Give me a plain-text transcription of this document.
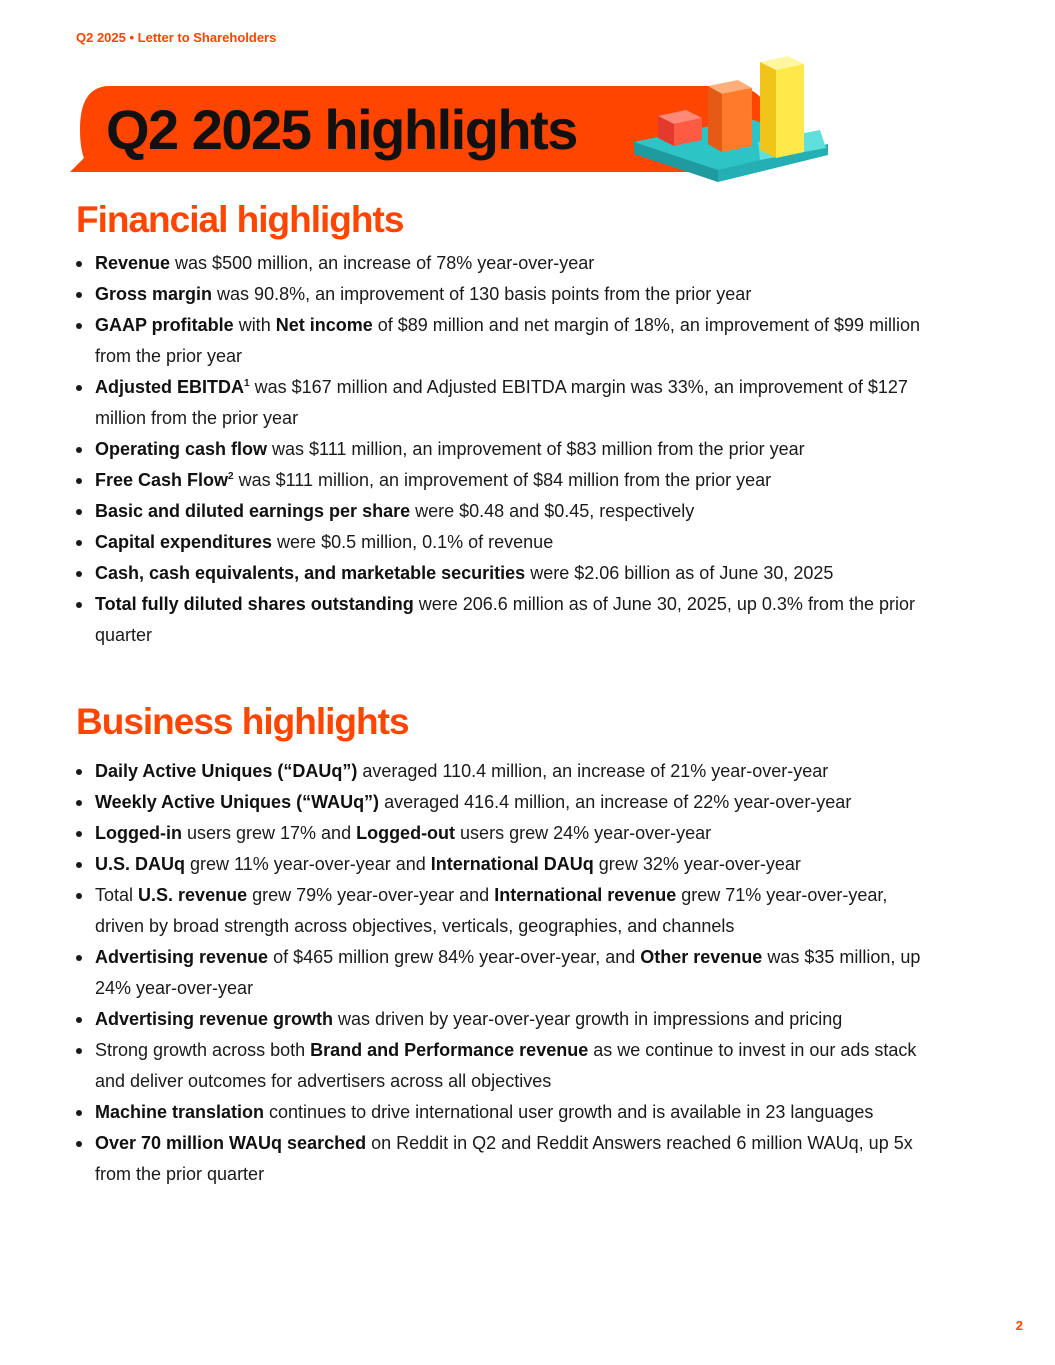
Q2 2025 • Letter to Shareholders
Q2 2025 highlights
Financial highlights
Revenue was $500 million, an increase of 78% year-over-year
Gross margin was 90.8%, an improvement of 130 basis points from the prior year
GAAP profitable with Net income of $89 million and net margin of 18%, an improvement of $99 million from the prior year
Adjusted EBITDA$^1$ was $167 million and Adjusted EBITDA margin was 33%, an improvement of $127 million from the prior year
Operating cash flow was $111 million, an improvement of $83 million from the prior year
Free Cash Flow$^2$ was $111 million, an improvement of $84 million from the prior year
Basic and diluted earnings per share were $0.48 and $0.45, respectively
Capital expenditures were $0.5 million, 0.1% of revenue
Cash, cash equivalents, and marketable securities were $2.06 billion as of June 30, 2025
Total fully diluted shares outstanding were 206.6 million as of June 30, 2025, up 0.3% from the prior quarter
Business highlights
Daily Active Uniques (“DAUq”) averaged 110.4 million, an increase of 21% year-over-year
Weekly Active Uniques (“WAUq”) averaged 416.4 million, an increase of 22% year-over-year
Logged-in users grew 17% and Logged-out users grew 24% year-over-year
U.S. DAUq grew 11% year-over-year and International DAUq grew 32% year-over-year
Total U.S. revenue grew 79% year-over-year and International revenue grew 71% year-over-year, driven by broad strength across objectives, verticals, geographies, and channels
Advertising revenue of $465 million grew 84% year-over-year, and Other revenue was $35 million, up 24% year-over-year
Advertising revenue growth was driven by year-over-year growth in impressions and pricing
Strong growth across both Brand and Performance revenue as we continue to invest in our ads stack and deliver outcomes for advertisers across all objectives
Machine translation continues to drive international user growth and is available in 23 languages
Over 70 million WAUq searched on Reddit in Q2 and Reddit Answers reached 6 million WAUq, up 5x from the prior quarter
2
